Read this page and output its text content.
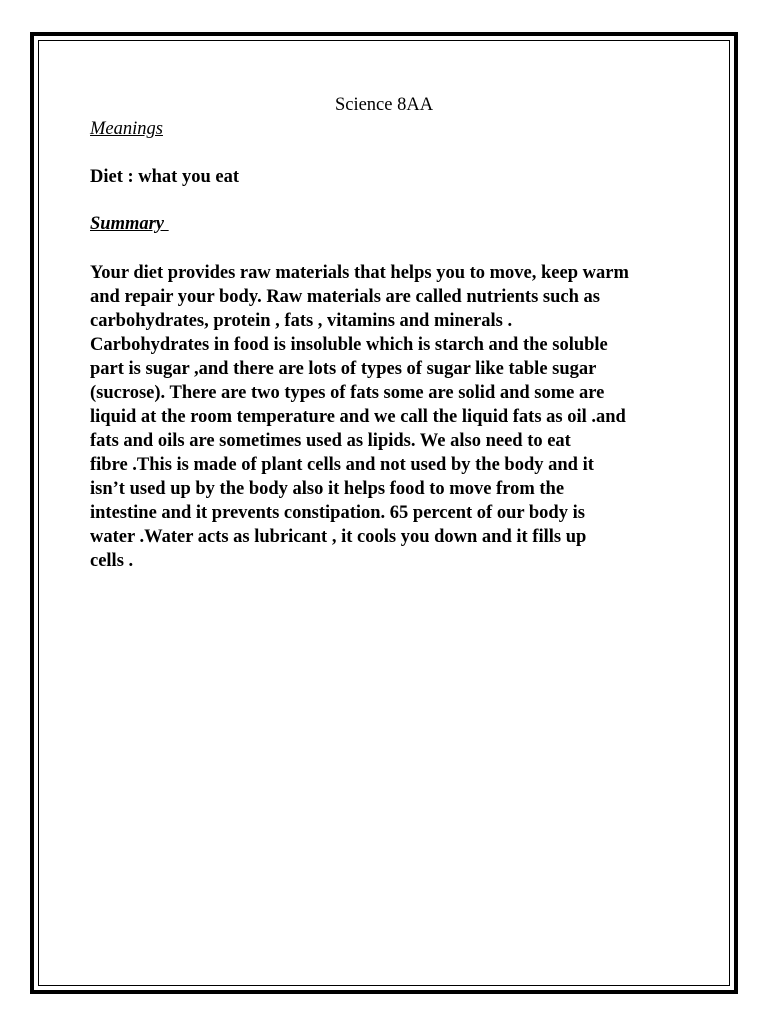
Science 8AA
Meanings
Diet : what you eat
Summary
Your diet provides raw materials that helps you to move, keep warm
and repair your body. Raw materials are called nutrients such as
carbohydrates, protein , fats , vitamins and minerals .
Carbohydrates in food is insoluble which is starch and the soluble
part is sugar ,and there are lots of types of sugar like table sugar
(sucrose). There are two types of fats some are solid and some are
liquid at the room temperature and we call the liquid fats as oil .and
fats and oils are sometimes used as lipids. We also need to eat
fibre .This is made of plant cells and not used by the body and it
isn’t used up by the body also it helps food to move from the
intestine and it prevents constipation. 65 percent of our body is
water .Water acts as lubricant , it cools you down and it fills up
cells .
